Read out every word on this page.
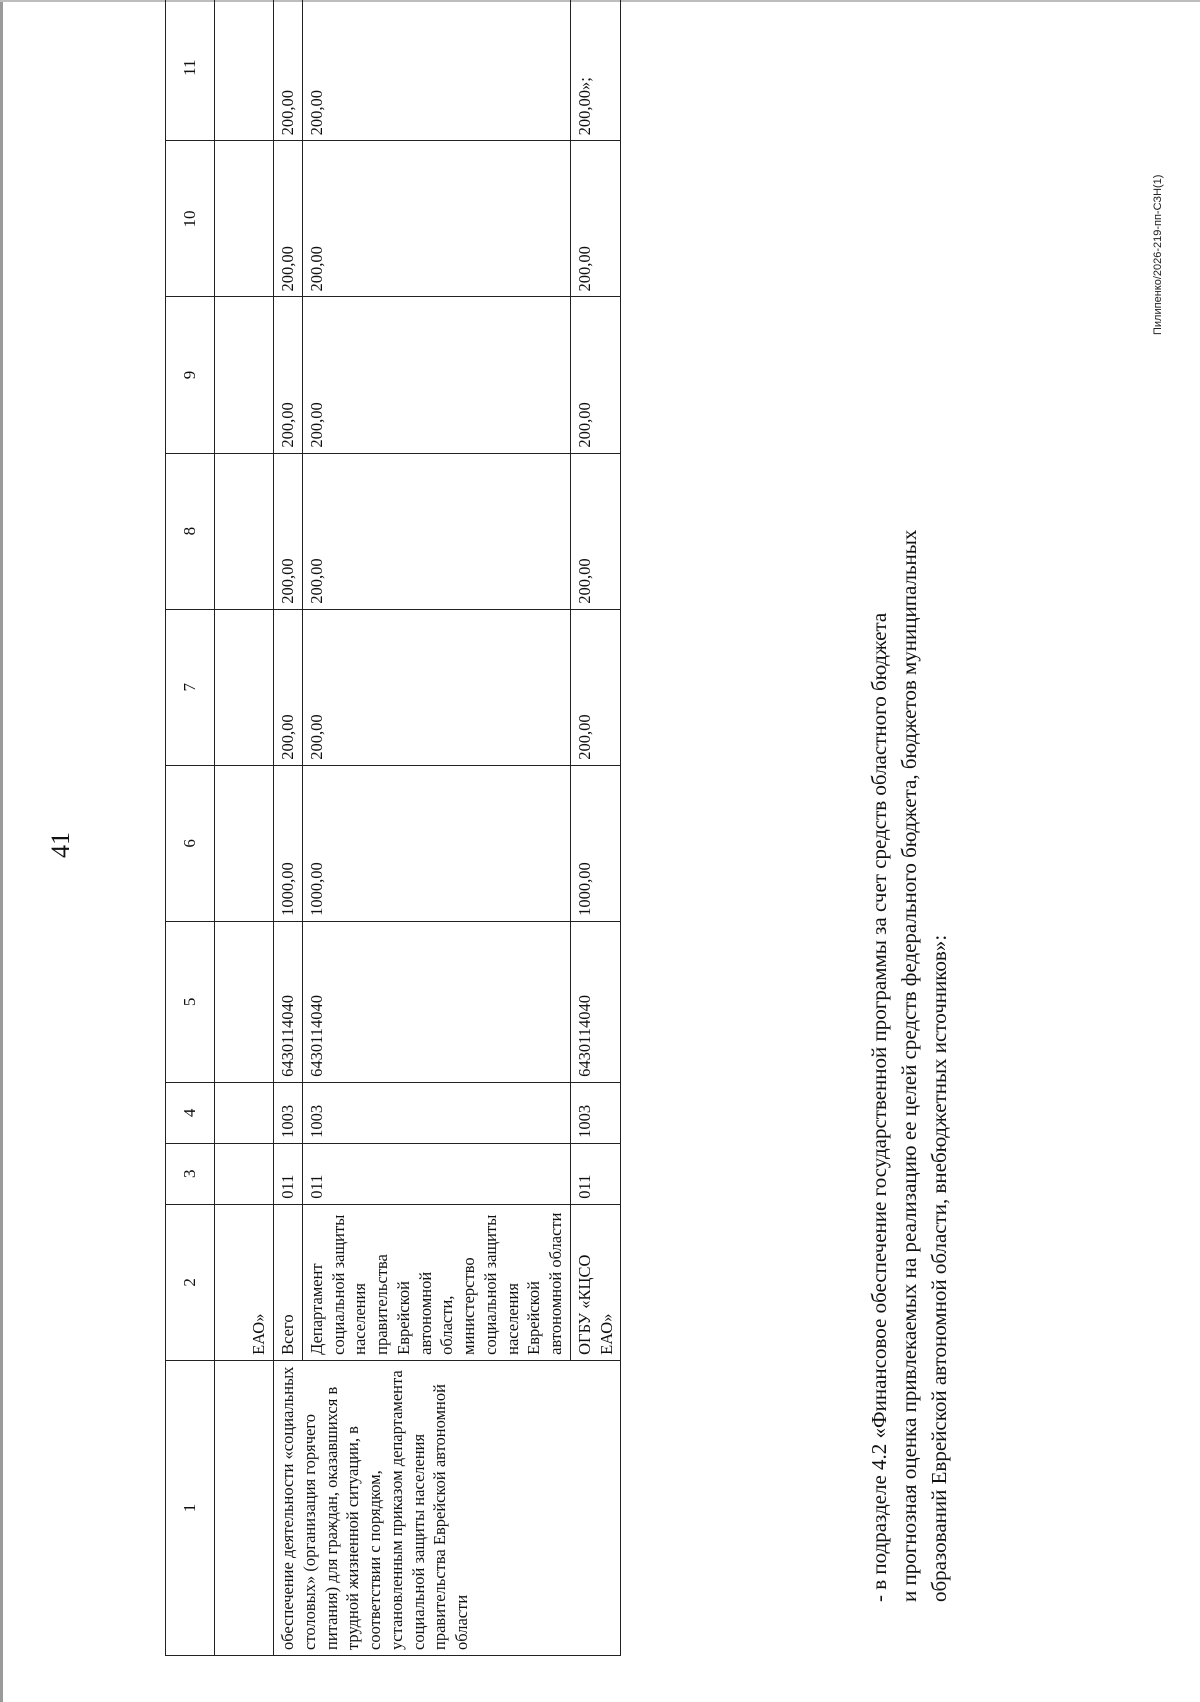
41
1	2	3	4	5	6	7	8	9	10	11
	ЕАО»									
обеспечение деятельности «социальных столовых» (организация горячего питания) для граждан, оказавшихся в трудной жизненной ситуации, в соответствии с порядком, установленным приказом департамента социальной защиты населения правительства Еврейской автономной области	Всего	011	1003	6430114040	1000,00	200,00	200,00	200,00	200,00	200,00
	Департамент социальной защиты населения правительства Еврейской автономной области, министерство социальной защиты населения Еврейской автономной области	011	1003	6430114040	1000,00	200,00	200,00	200,00	200,00	200,00
	ОГБУ «КЦСО ЕАО»	011	1003	6430114040	1000,00	200,00	200,00	200,00	200,00	200,00»;
- в подразделе 4.2 «Финансовое обеспечение государственной программы за счет средств областного бюджета и прогнозная оценка привлекаемых на реализацию ее целей средств федерального бюджета, бюджетов муниципальных образований Еврейской автономной области, внебюджетных источников»:
Пилипенко/2026-219-пп-СЗН(1)
